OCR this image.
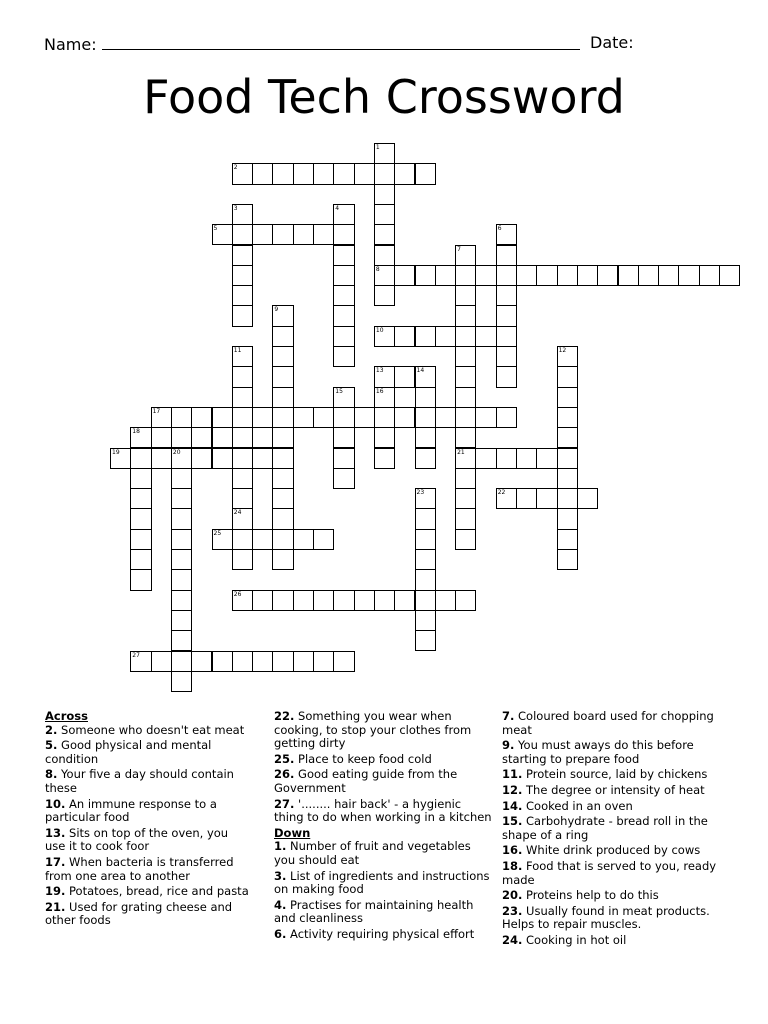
Name:	Date:
Food Tech Crossword
2
5
8
10
13	14
17
18
19	20	21
22
25
26
27
1
3	4
6
7
9
11
24
12
15	16
23
Across
2. Someone who doesn't eat meat
5. Good physical and mental condition
8. Your five a day should contain these
10. An immune response to a particular food
13. Sits on top of the oven, you use it to cook foor
17. When bacteria is transferred from one area to another
19. Potatoes, bread, rice and pasta
21. Used for grating cheese and other foods
22. Something you wear when cooking, to stop your clothes from getting dirty
25. Place to keep food cold
26. Good eating guide from the Government
27. '........ hair back' - a hygienic thing to do when working in a kitchen
Down
1. Number of fruit and vegetables you should eat
3. List of ingredients and instructions on making food
4. Practises for maintaining health and cleanliness
6. Activity requiring physical effort
7. Coloured board used for chopping meat
9. You must aways do this before starting to prepare food
11. Protein source, laid by chickens
12. The degree or intensity of heat
14. Cooked in an oven
15. Carbohydrate - bread roll in the shape of a ring
16. White drink produced by cows
18. Food that is served to you, ready made
20. Proteins help to do this
23. Usually found in meat products. Helps to repair muscles.
24. Cooking in hot oil
